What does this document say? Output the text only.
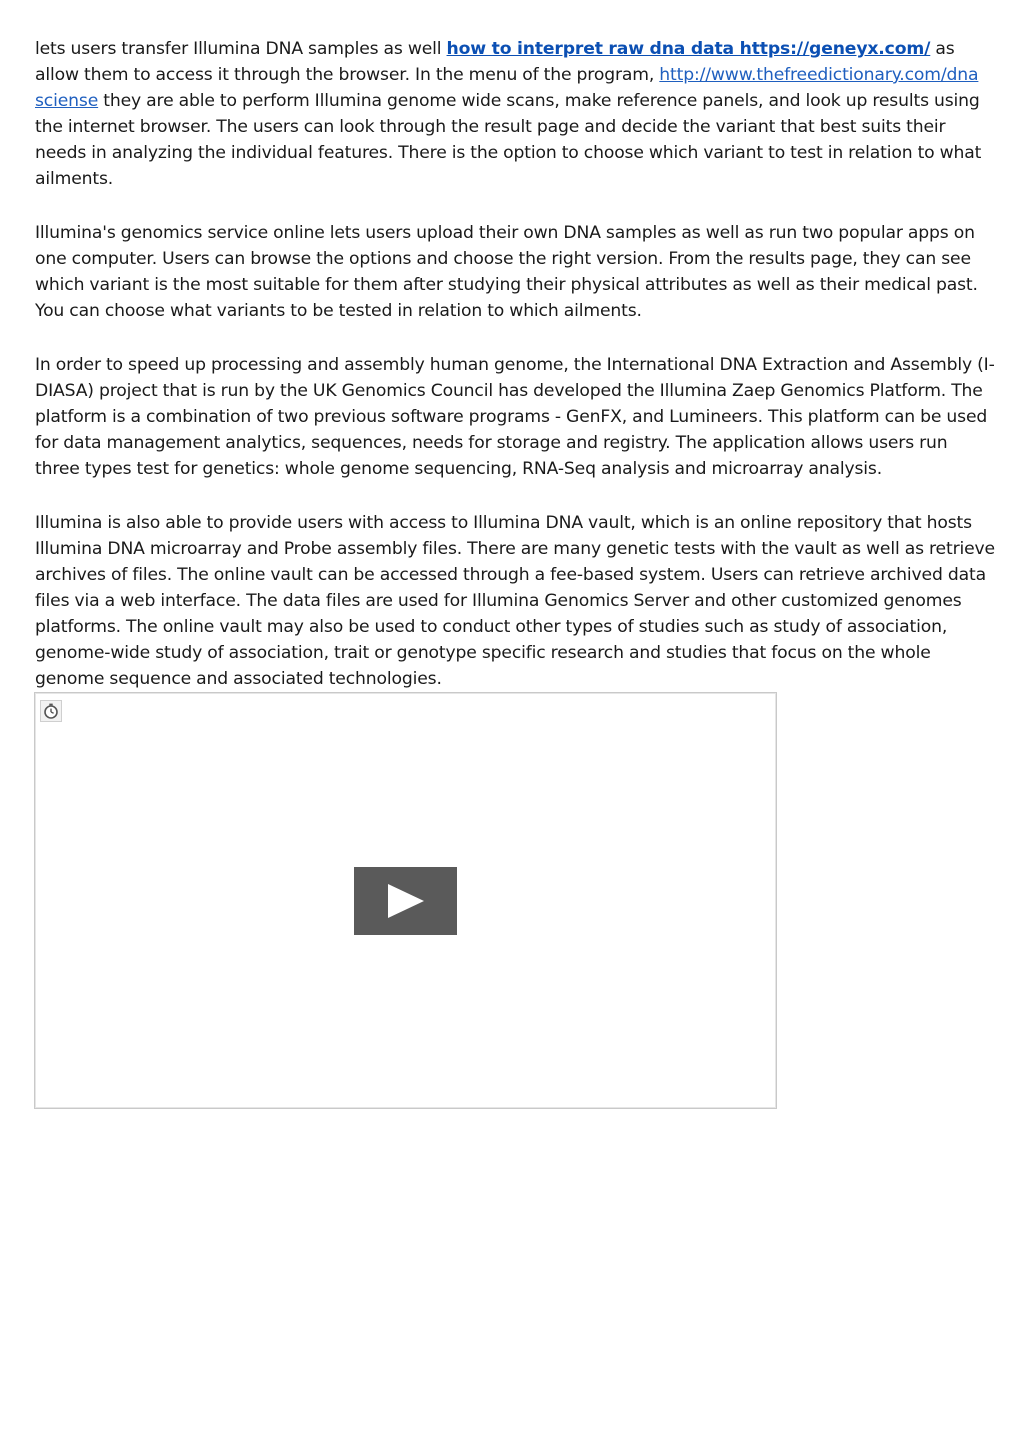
lets users transfer Illumina DNA samples as well how to interpret raw dna data https://geneyx.com/ as allow them to access it through the browser. In the menu of the program, http://www.thefreedictionary.com/dna sciense they are able to perform Illumina genome wide scans, make reference panels, and look up results using the internet browser. The users can look through the result page and decide the variant that best suits their needs in analyzing the individual features. There is the option to choose which variant to test in relation to what ailments.

Illumina's genomics service online lets users upload their own DNA samples as well as run two popular apps on one computer. Users can browse the options and choose the right version. From the results page, they can see which variant is the most suitable for them after studying their physical attributes as well as their medical past. You can choose what variants to be tested in relation to which ailments.

In order to speed up processing and assembly human genome, the International DNA Extraction and Assembly (I-DIASA) project that is run by the UK Genomics Council has developed the Illumina Zaep Genomics Platform. The platform is a combination of two previous software programs - GenFX, and Lumineers. This platform can be used for data management analytics, sequences, needs for storage and registry. The application allows users run three types test for genetics: whole genome sequencing, RNA-Seq analysis and microarray analysis.

Illumina is also able to provide users with access to Illumina DNA vault, which is an online repository that hosts Illumina DNA microarray and Probe assembly files. There are many genetic tests with the vault as well as retrieve archives of files. The online vault can be accessed through a fee-based system. Users can retrieve archived data files via a web interface. The data files are used for Illumina Genomics Server and other customized genomes platforms. The online vault may also be used to conduct other types of studies such as study of association, genome-wide study of association, trait or genotype specific research and studies that focus on the whole genome sequence and associated technologies.
